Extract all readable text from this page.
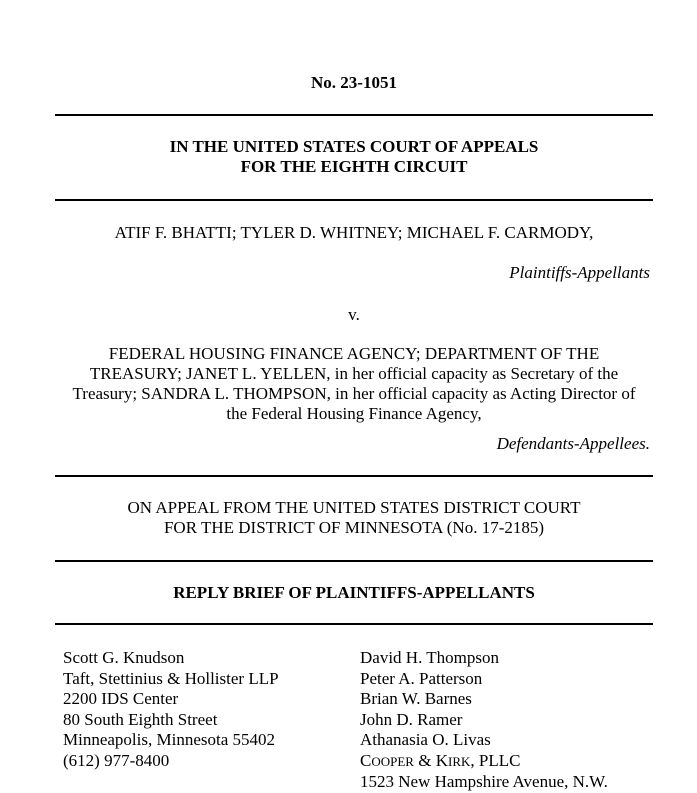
No. 23-1051
IN THE UNITED STATES COURT OF APPEALS
FOR THE EIGHTH CIRCUIT
ATIF F. BHATTI; TYLER D. WHITNEY; MICHAEL F. CARMODY,
Plaintiffs-Appellants
v.
FEDERAL HOUSING FINANCE AGENCY; DEPARTMENT OF THE
TREASURY; JANET L. YELLEN, in her official capacity as Secretary of the
Treasury; SANDRA L. THOMPSON, in her official capacity as Acting Director of
the Federal Housing Finance Agency,
Defendants-Appellees.
ON APPEAL FROM THE UNITED STATES DISTRICT COURT
FOR THE DISTRICT OF MINNESOTA (No. 17-2185)
REPLY BRIEF OF PLAINTIFFS-APPELLANTS
Scott G. Knudson
Taft, Stettinius & Hollister LLP
2200 IDS Center
80 South Eighth Street
Minneapolis, Minnesota 55402
(612) 977-8400
David H. Thompson
Peter A. Patterson
Brian W. Barnes
John D. Ramer
Athanasia O. Livas
COOPER & KIRK, PLLC
1523 New Hampshire Avenue, N.W.
